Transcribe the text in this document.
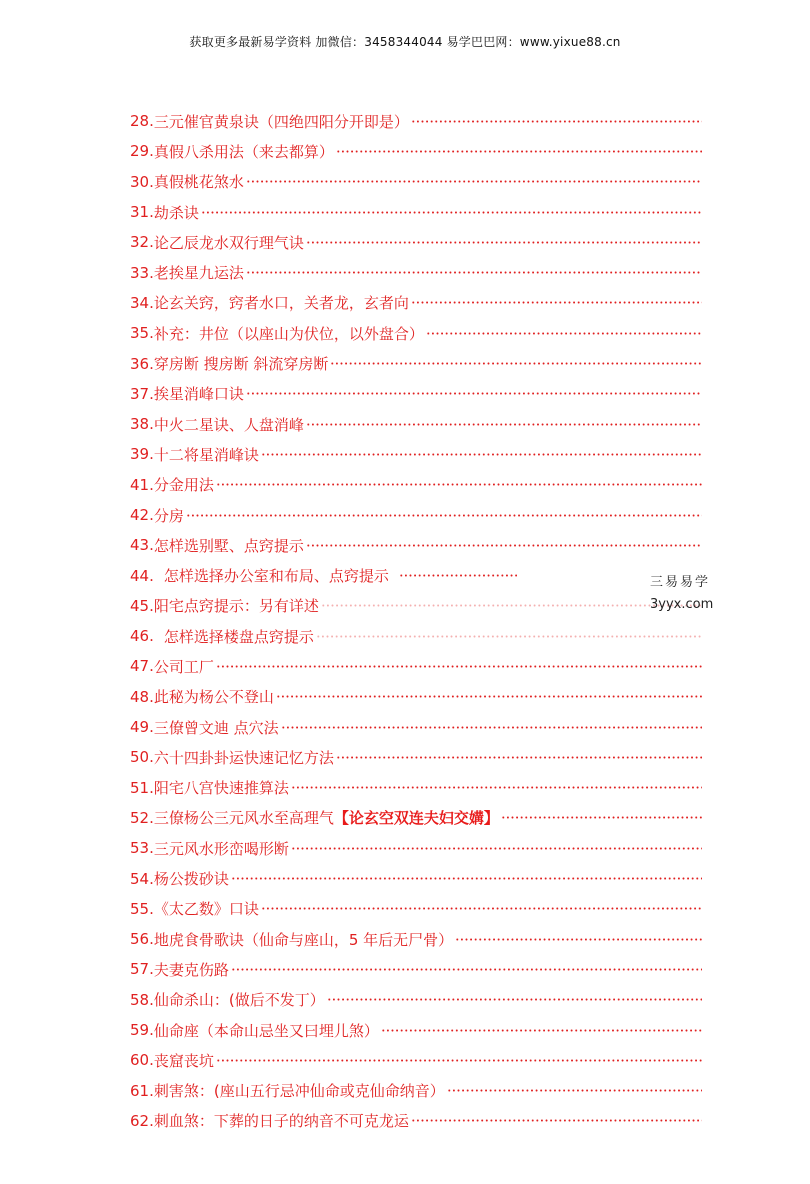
获取更多最新易学资料 加微信：3458344044 易学巴巴网：www.yixue88.cn
28. 三元催官黄泉诀（四绝四阳分开即是）
29. 真假八杀用法（来去都算）
30. 真假桃花煞水
31. 劫杀诀
32. 论乙辰龙水双行理气诀
33. 老挨星九运法
34. 论玄关窍，窍者水口，关者龙，玄者向
35. 补充：井位（以座山为伏位，以外盘合）
36. 穿房断 搜房断 斜流穿房断
37. 挨星消峰口诀
38. 中火二星诀、人盘消峰
39. 十二将星消峰诀
41. 分金用法
42. 分房
43. 怎样选别墅、点窍提示
44. 怎样选择办公室和布局、点窍提示
45. 阳宅点窍提示：另有详述
46. 怎样选择楼盘点窍提示
47. 公司工厂
48. 此秘为杨公不登山
49. 三僚曾文迪 点穴法
50. 六十四卦卦运快速记忆方法
51. 阳宅八宫快速推算法
52. 三僚杨公三元风水至高理气【论玄空双连夫妇交媾】
53. 三元风水形峦喝形断
54. 杨公拨砂诀
55. 《太乙数》口诀
56. 地虎食骨歌诀（仙命与座山，5 年后无尸骨）
57. 夫妻克伤路
58. 仙命杀山：(做后不发丁）
59. 仙命座（本命山忌坐又曰埋儿煞）
60. 丧窟丧坑
61. 刺害煞：(座山五行忌冲仙命或克仙命纳音）
62. 刺血煞：下葬的日子的纳音不可克龙运
三易易学
3yyx.com
